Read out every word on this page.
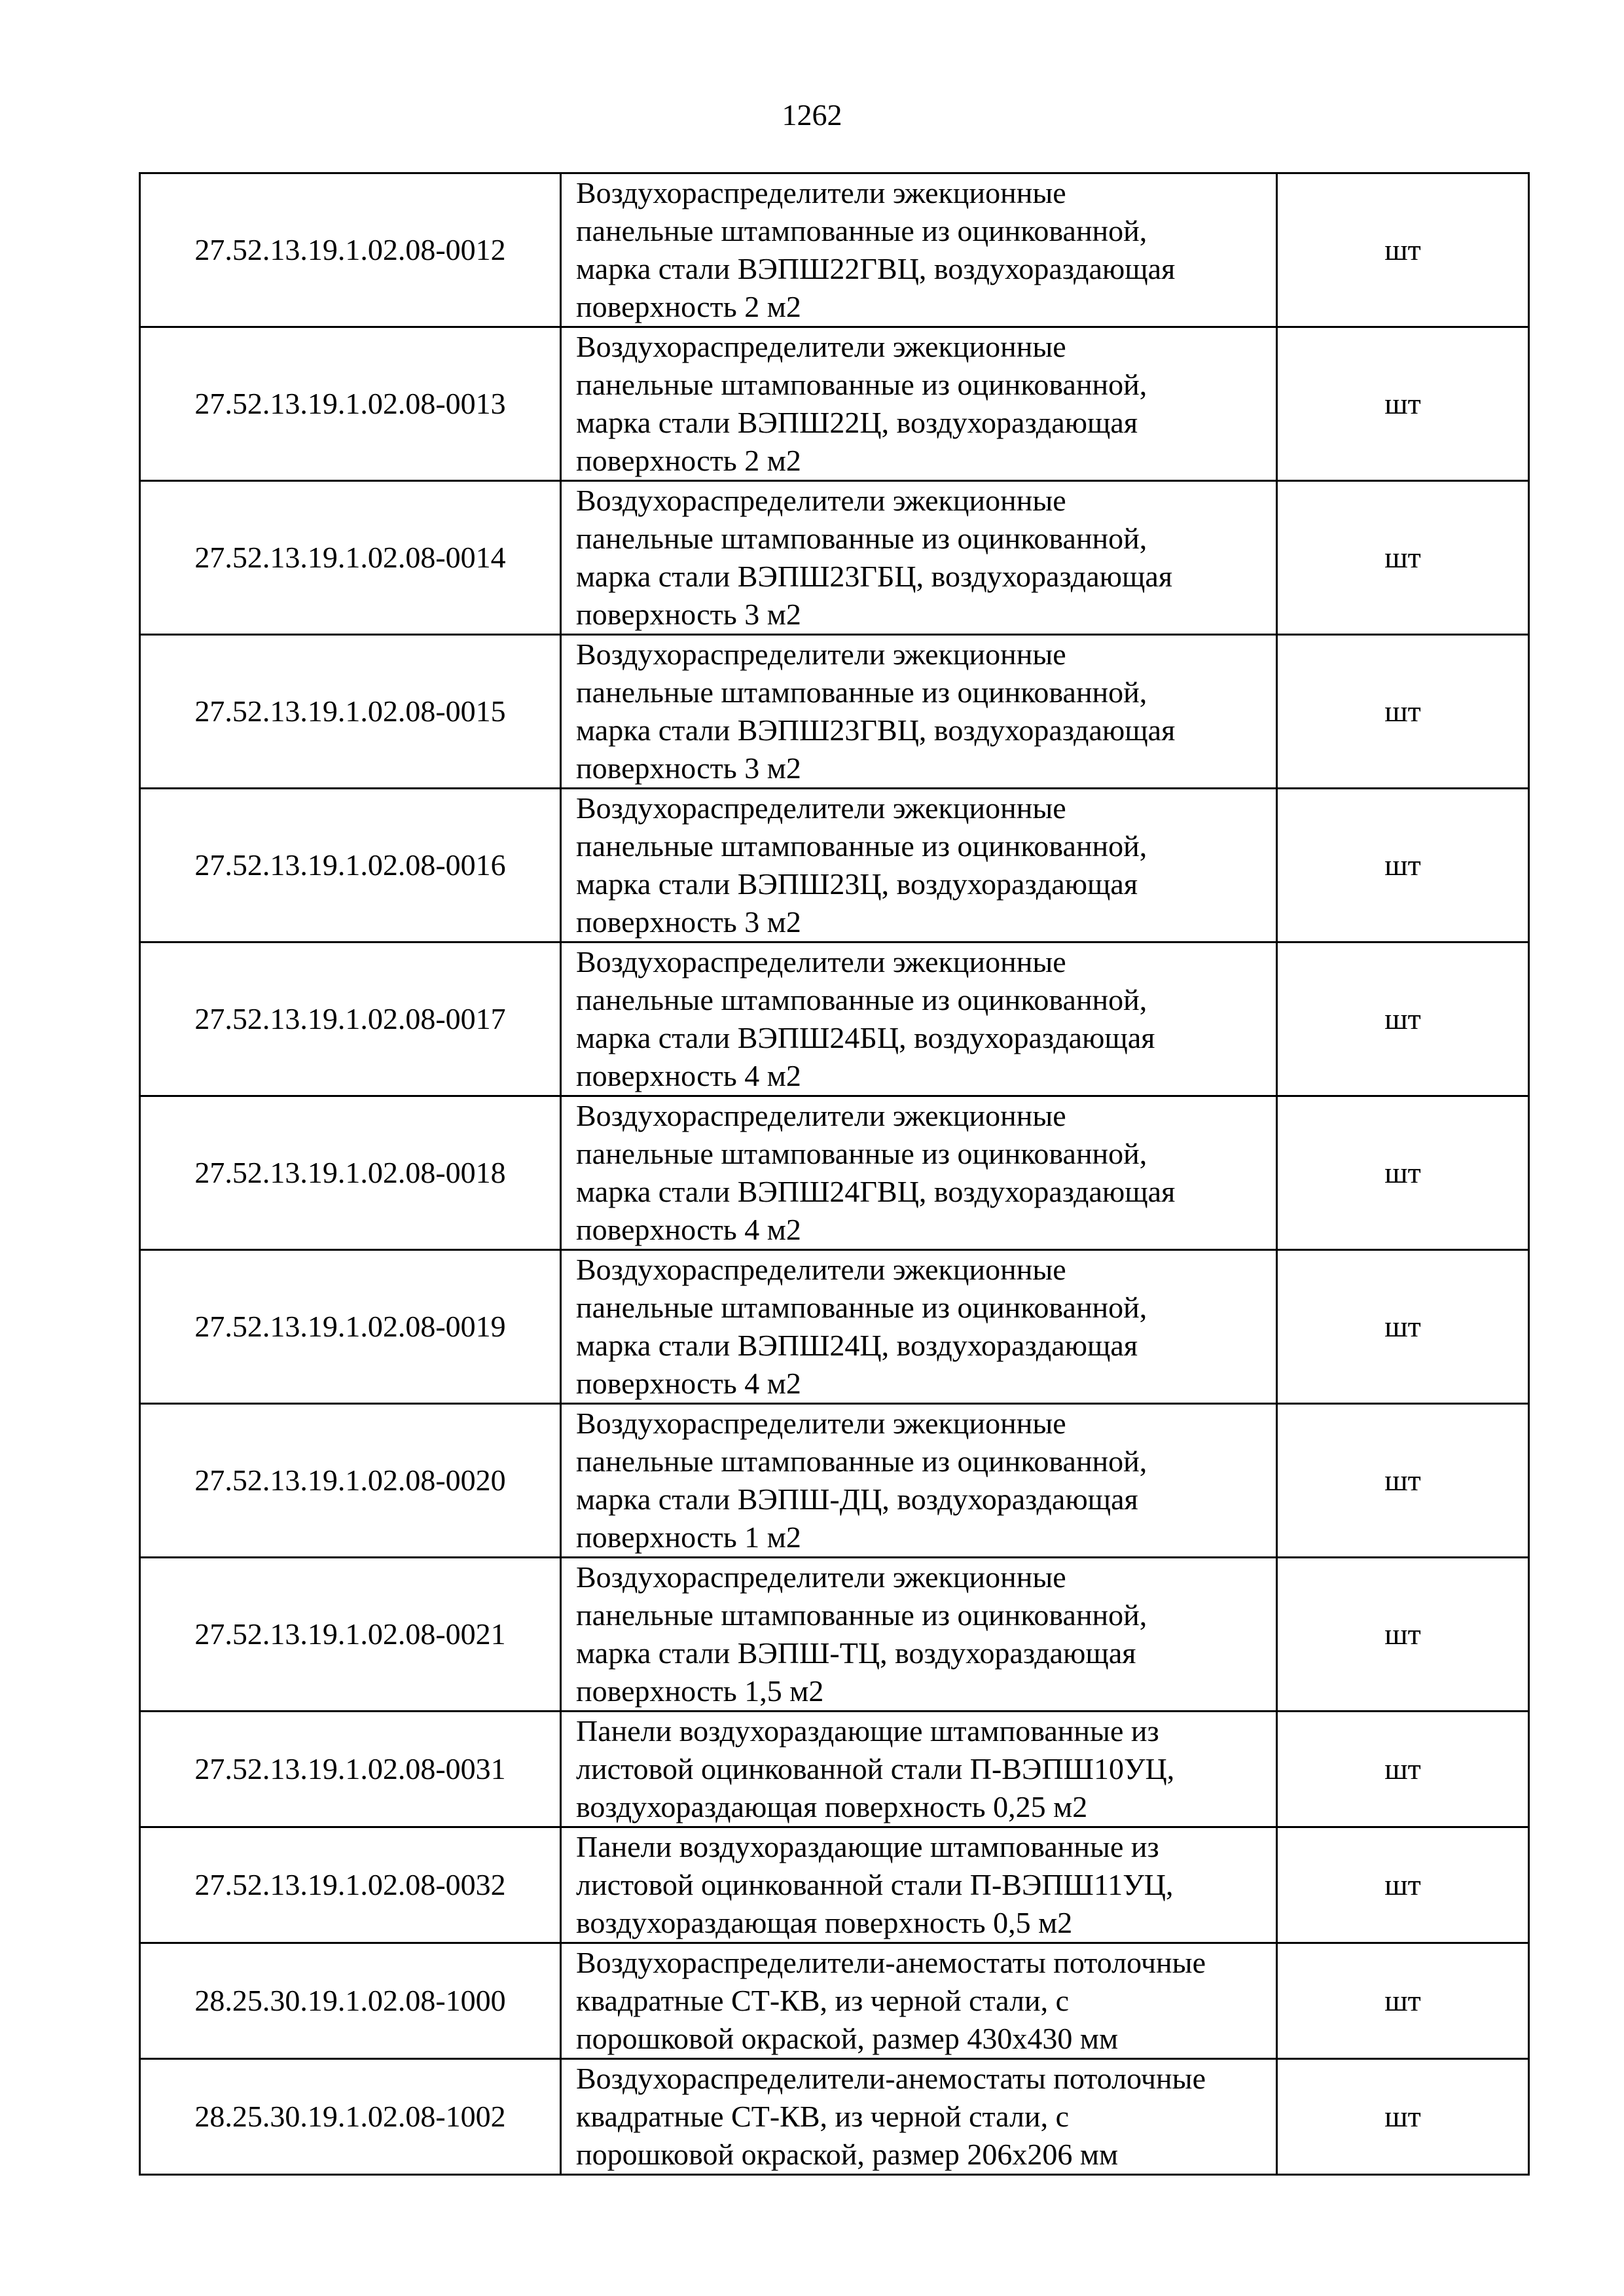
1262
27.52.13.19.1.02.08-0012	Воздухораспределители эжекционные
панельные штампованные из оцинкованной,
марка стали ВЭПШ22ГВЦ, воздухораздающая
поверхность 2 м2	шт
27.52.13.19.1.02.08-0013	Воздухораспределители эжекционные
панельные штампованные из оцинкованной,
марка стали ВЭПШ22Ц, воздухораздающая
поверхность 2 м2	шт
27.52.13.19.1.02.08-0014	Воздухораспределители эжекционные
панельные штампованные из оцинкованной,
марка стали ВЭПШ23ГБЦ, воздухораздающая
поверхность 3 м2	шт
27.52.13.19.1.02.08-0015	Воздухораспределители эжекционные
панельные штампованные из оцинкованной,
марка стали ВЭПШ23ГВЦ, воздухораздающая
поверхность 3 м2	шт
27.52.13.19.1.02.08-0016	Воздухораспределители эжекционные
панельные штампованные из оцинкованной,
марка стали ВЭПШ23Ц, воздухораздающая
поверхность 3 м2	шт
27.52.13.19.1.02.08-0017	Воздухораспределители эжекционные
панельные штампованные из оцинкованной,
марка стали ВЭПШ24БЦ, воздухораздающая
поверхность 4 м2	шт
27.52.13.19.1.02.08-0018	Воздухораспределители эжекционные
панельные штампованные из оцинкованной,
марка стали ВЭПШ24ГВЦ, воздухораздающая
поверхность 4 м2	шт
27.52.13.19.1.02.08-0019	Воздухораспределители эжекционные
панельные штампованные из оцинкованной,
марка стали ВЭПШ24Ц, воздухораздающая
поверхность 4 м2	шт
27.52.13.19.1.02.08-0020	Воздухораспределители эжекционные
панельные штампованные из оцинкованной,
марка стали ВЭПШ-ДЦ, воздухораздающая
поверхность 1 м2	шт
27.52.13.19.1.02.08-0021	Воздухораспределители эжекционные
панельные штампованные из оцинкованной,
марка стали ВЭПШ-ТЦ, воздухораздающая
поверхность 1,5 м2	шт
27.52.13.19.1.02.08-0031	Панели воздухораздающие штампованные из
листовой оцинкованной стали П-ВЭПШ10УЦ,
воздухораздающая поверхность 0,25 м2	шт
27.52.13.19.1.02.08-0032	Панели воздухораздающие штампованные из
листовой оцинкованной стали П-ВЭПШ11УЦ,
воздухораздающая поверхность 0,5 м2	шт
28.25.30.19.1.02.08-1000	Воздухораспределители-анемостаты потолочные
квадратные СТ-КВ, из черной стали, с
порошковой окраской, размер 430х430 мм	шт
28.25.30.19.1.02.08-1002	Воздухораспределители-анемостаты потолочные
квадратные СТ-КВ, из черной стали, с
порошковой окраской, размер 206х206 мм	шт
